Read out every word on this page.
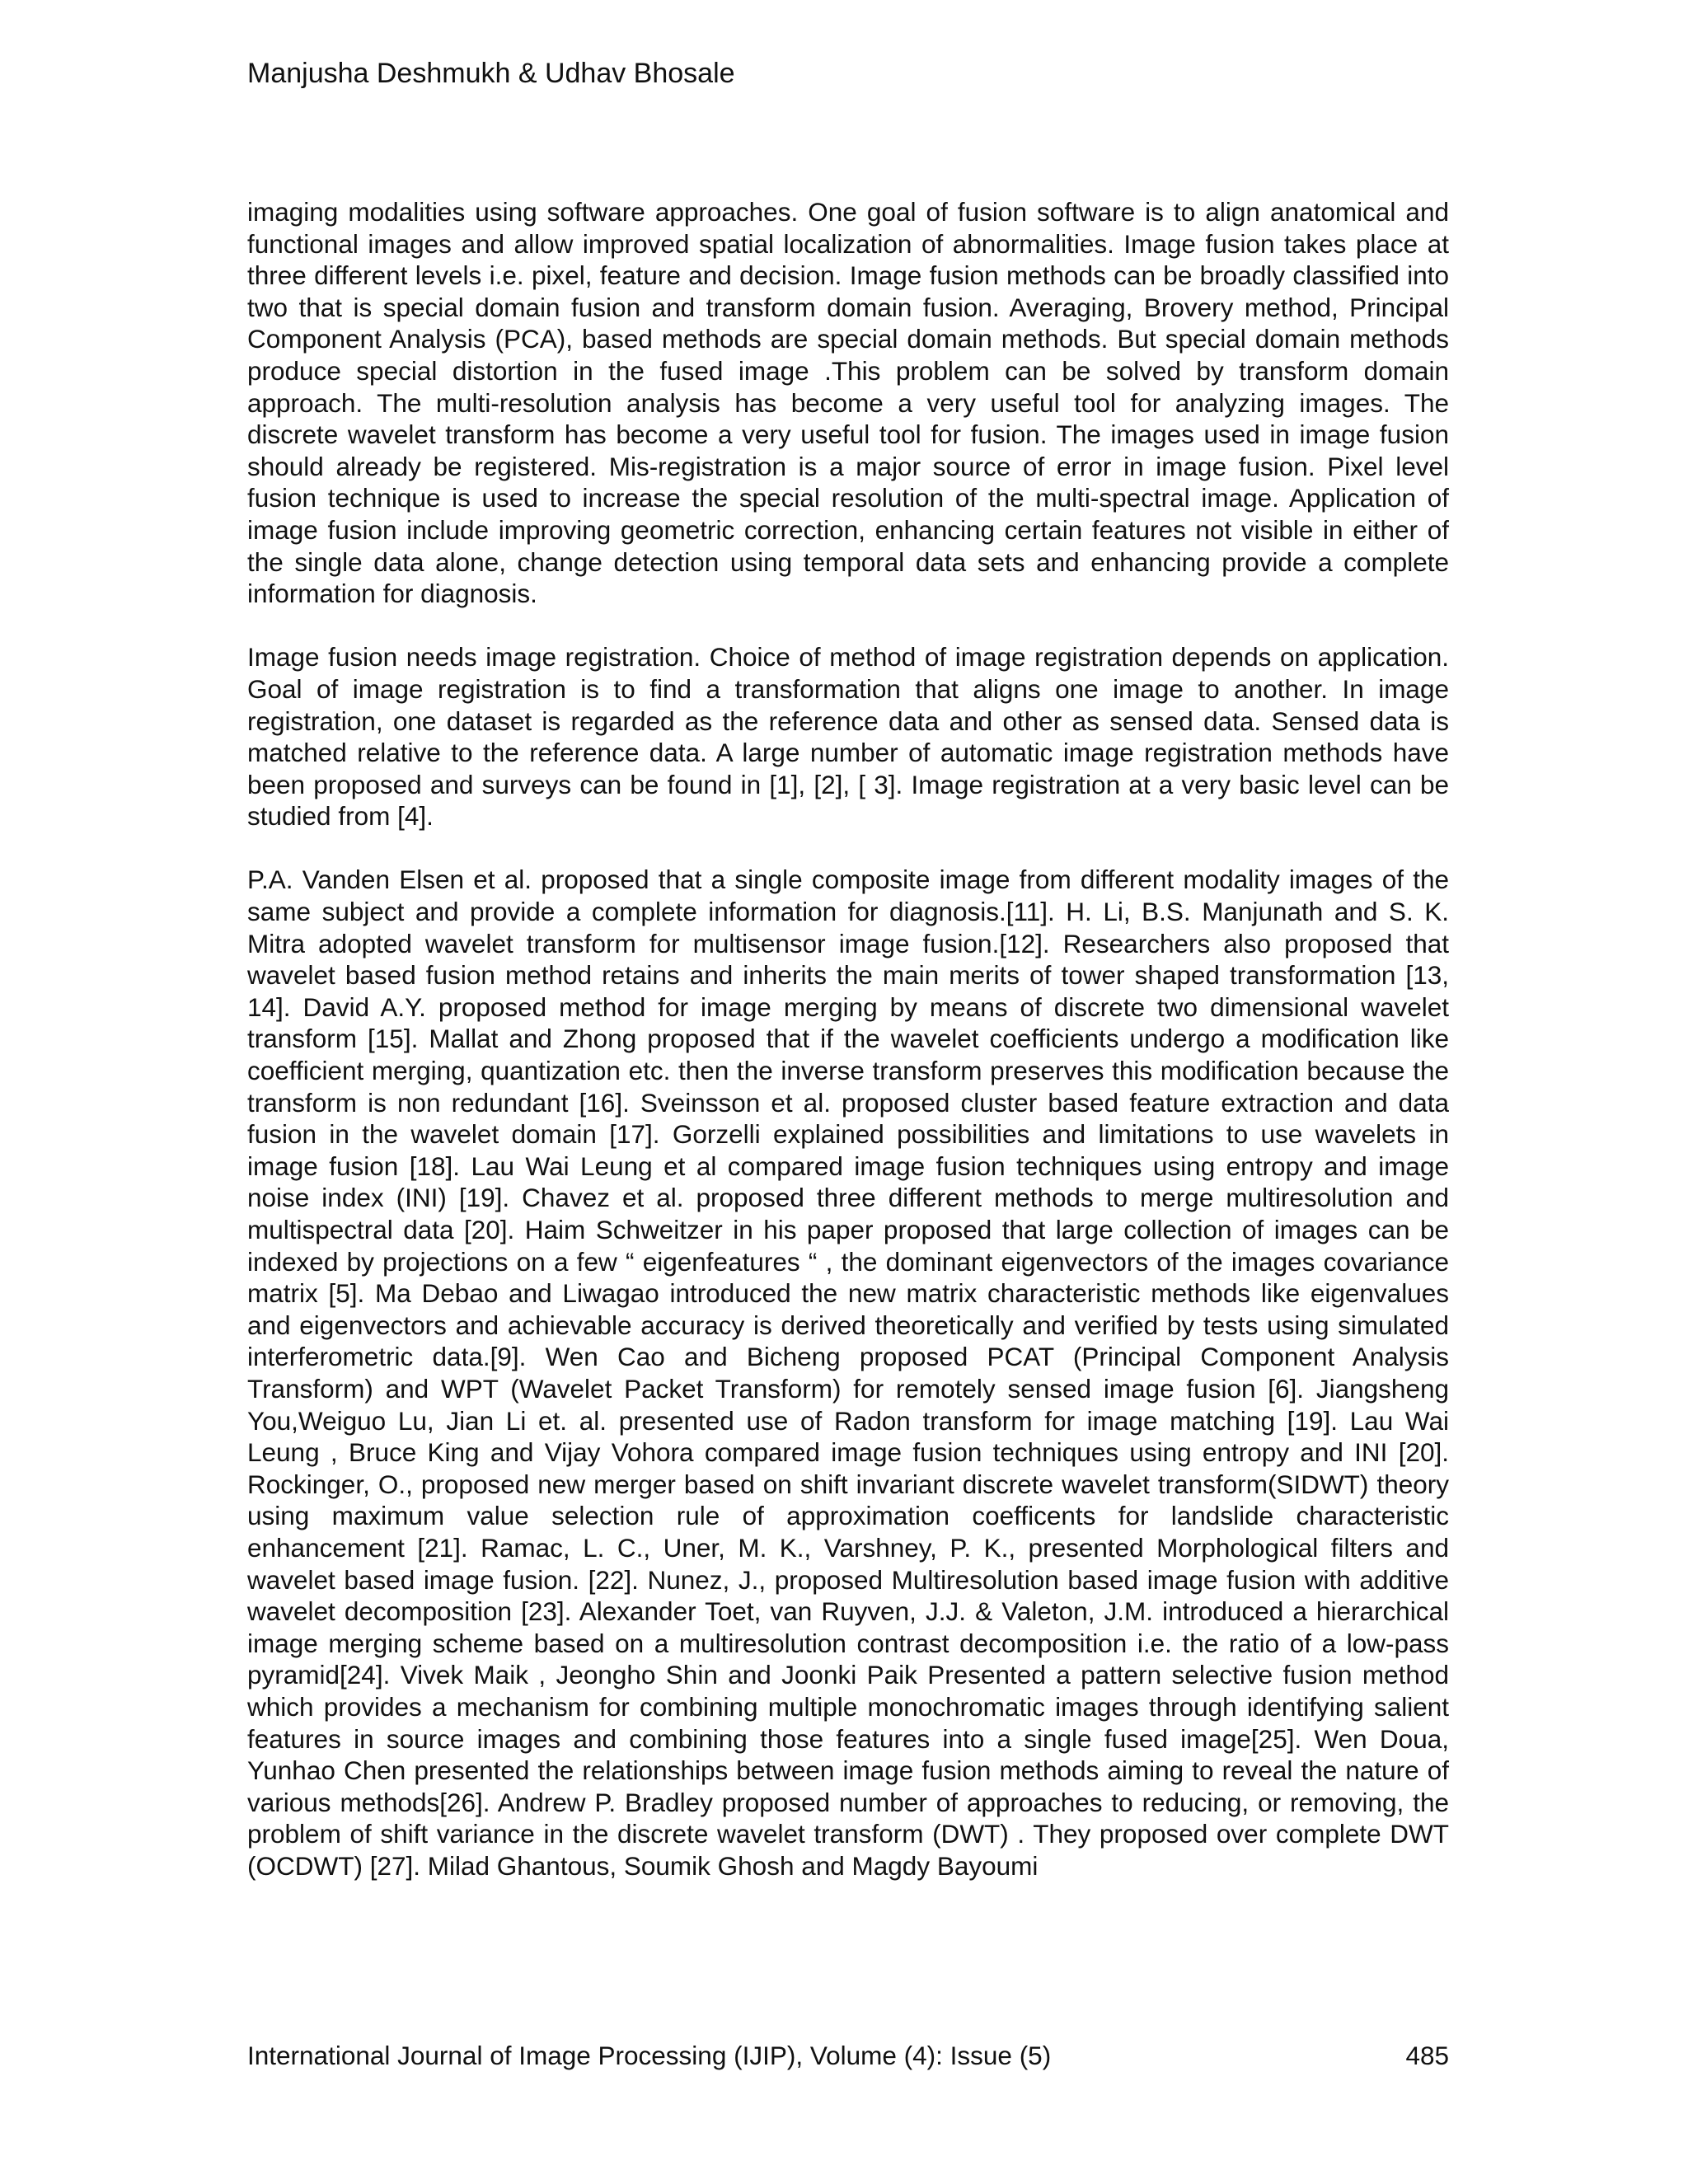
Manjusha Deshmukh & Udhav Bhosale

imaging modalities using software approaches. One goal of fusion software is to align anatomical and functional images and allow improved spatial localization of abnormalities. Image fusion takes place at three different levels i.e. pixel, feature and decision. Image fusion methods can be broadly classified into two that is special domain fusion and transform domain fusion. Averaging, Brovery method, Principal Component Analysis (PCA), based methods are special domain methods. But special domain methods produce special distortion in the fused image .This problem can be solved by transform domain approach. The multi-resolution analysis has become a very useful tool for analyzing images. The discrete wavelet transform has become a very useful tool for fusion. The images used in image fusion should already be registered. Mis-registration is a major source of error in image fusion. Pixel level fusion technique is used to increase the special resolution of the multi-spectral image. Application of image fusion include improving geometric correction, enhancing certain features not visible in either of the single data alone, change detection using temporal data sets and enhancing provide a complete information for diagnosis.

Image fusion needs image registration. Choice of method of image registration depends on application. Goal of image registration is to find a transformation that aligns one image to another. In image registration, one dataset is regarded as the reference data and other as sensed data. Sensed data is matched relative to the reference data. A large number of automatic image registration methods have been proposed and surveys can be found in [1], [2], [ 3]. Image registration at a very basic level can be studied from [4].

P.A. Vanden Elsen et al. proposed that a single composite image from different modality images of the same subject and provide a complete information for diagnosis.[11]. H. Li, B.S. Manjunath and S. K. Mitra adopted wavelet transform for multisensor image fusion.[12]. Researchers also proposed that wavelet based fusion method retains and inherits the main merits of tower shaped transformation [13, 14]. David A.Y. proposed method for image merging by means of discrete two dimensional wavelet transform [15]. Mallat and Zhong proposed that if the wavelet coefficients undergo a modification like coefficient merging, quantization etc. then the inverse transform preserves this modification because the transform is non redundant [16]. Sveinsson et al. proposed cluster based feature extraction and data fusion in the wavelet domain [17]. Gorzelli explained possibilities and limitations to use wavelets in image fusion [18]. Lau Wai Leung et al compared image fusion techniques using entropy and image noise index (INI) [19]. Chavez et al. proposed three different methods to merge multiresolution and multispectral data [20]. Haim Schweitzer in his paper proposed that large collection of images can be indexed by projections on a few “ eigenfeatures “ , the dominant eigenvectors of the images covariance matrix [5]. Ma Debao and Liwagao introduced the new matrix characteristic methods like eigenvalues and eigenvectors and achievable accuracy is derived theoretically and verified by tests using simulated interferometric data.[9]. Wen Cao and Bicheng proposed PCAT (Principal Component Analysis Transform) and WPT (Wavelet Packet Transform) for remotely sensed image fusion [6]. Jiangsheng You,Weiguo Lu, Jian Li et. al. presented use of Radon transform for image matching [19]. Lau Wai Leung , Bruce King and Vijay Vohora compared image fusion techniques using entropy and INI [20]. Rockinger, O., proposed new merger based on shift invariant discrete wavelet transform(SIDWT) theory using maximum value selection rule of approximation coefficents for landslide characteristic enhancement [21]. Ramac, L. C., Uner, M. K., Varshney, P. K., presented Morphological filters and wavelet based image fusion. [22]. Nunez, J., proposed Multiresolution based image fusion with additive wavelet decomposition [23]. Alexander Toet, van Ruyven, J.J. & Valeton, J.M. introduced a hierarchical image merging scheme based on a multiresolution contrast decomposition i.e. the ratio of a low-pass pyramid[24]. Vivek Maik , Jeongho Shin and Joonki Paik Presented a pattern selective fusion method which provides a mechanism for combining multiple monochromatic images through identifying salient features in source images and combining those features into a single fused image[25]. Wen Doua, Yunhao Chen presented the relationships between image fusion methods aiming to reveal the nature of various methods[26]. Andrew P. Bradley proposed number of approaches to reducing, or removing, the problem of shift variance in the discrete wavelet transform (DWT) . They proposed over complete DWT (OCDWT) [27]. Milad Ghantous, Soumik Ghosh and Magdy Bayoumi

International Journal of Image Processing (IJIP), Volume (4): Issue (5)	485
